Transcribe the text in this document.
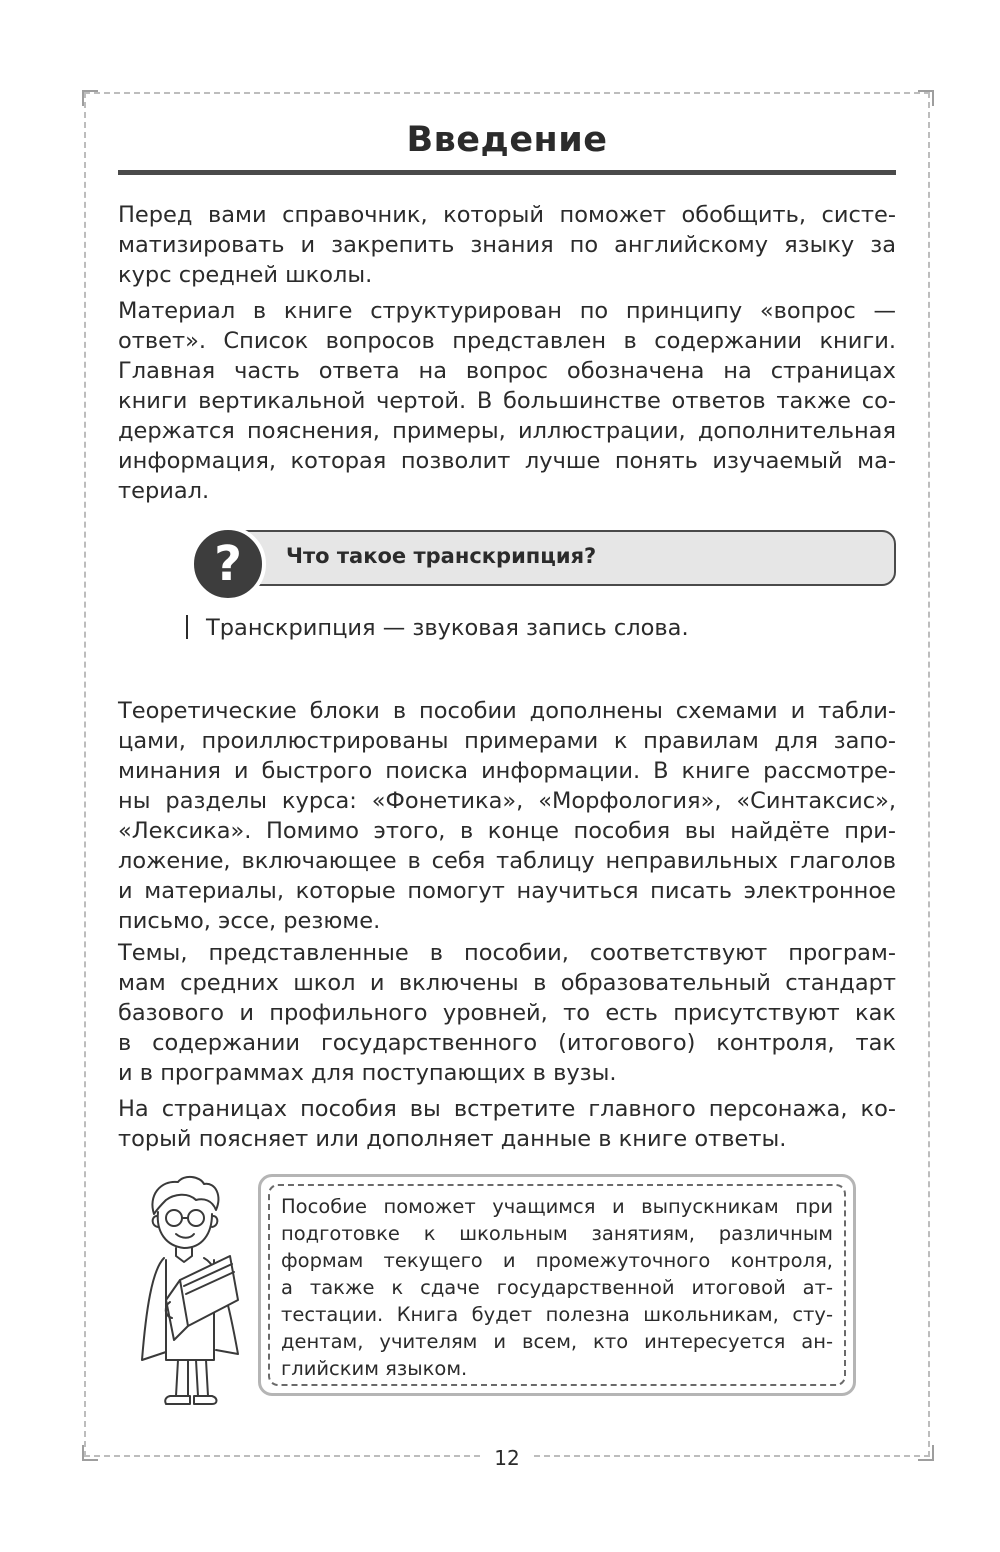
Введение

Перед вами справочник, который поможет обобщить, систе-
матизировать и закрепить знания по английскому языку за
курс средней школы.

Материал в книге структурирован по принципу «вопрос —
ответ». Список вопросов представлен в содержании книги.
Главная часть ответа на вопрос обозначена на страницах
книги вертикальной чертой. В большинстве ответов также со-
держатся пояснения, примеры, иллюстрации, дополнительная
информация, которая позволит лучше понять изучаемый ма-
териал.

?	Что такое транскрипция?
Транскрипция — звуковая запись слова.

Теоретические блоки в пособии дополнены схемами и табли-
цами, проиллюстрированы примерами к правилам для запо-
минания и быстрого поиска информации. В книге рассмотре-
ны разделы курса: «Фонетика», «Морфология», «Синтаксис»,
«Лексика». Помимо этого, в конце пособия вы найдёте при-
ложение, включающее в себя таблицу неправильных глаголов
и материалы, которые помогут научиться писать электронное
письмо, эссе, резюме.

Темы, представленные в пособии, соответствуют програм-
мам средних школ и включены в образовательный стандарт
базового и профильного уровней, то есть присутствуют как
в содержании государственного (итогового) контроля, так
и в программах для поступающих в вузы.

На страницах пособия вы встретите главного персонажа, ко-
торый поясняет или дополняет данные в книге ответы.

Пособие поможет учащимся и выпускникам при
подготовке к школьным занятиям, различным
формам текущего и промежуточного контроля,
а также к сдаче государственной итоговой ат-
тестации. Книга будет полезна школьникам, сту-
дентам, учителям и всем, кто интересуется ан-
глийским языком.

12
